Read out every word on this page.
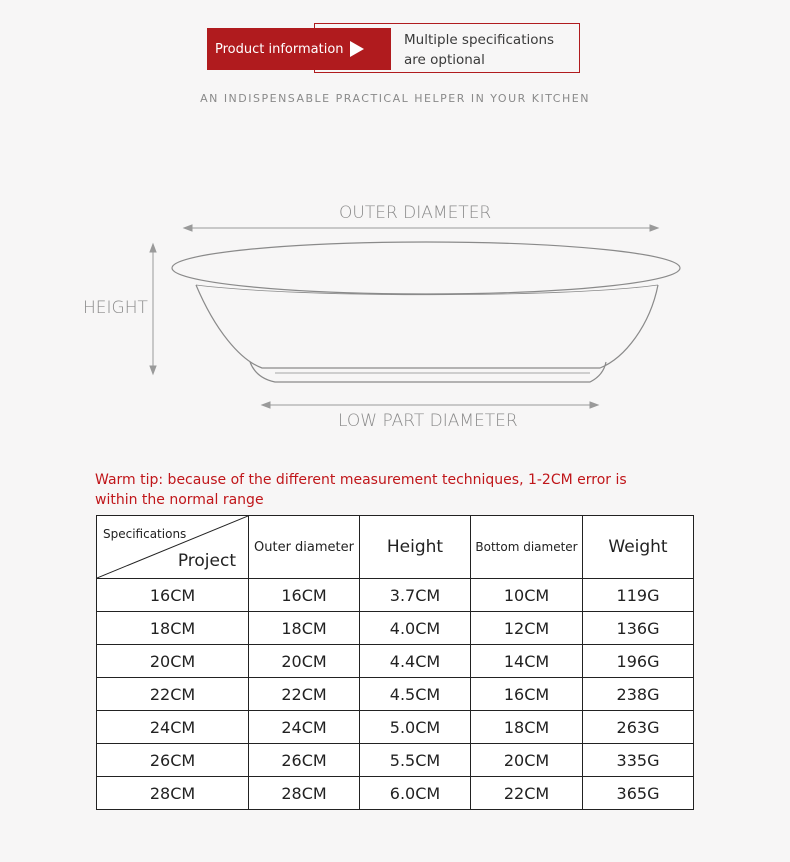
Product information
Multiple specifications are optional
AN INDISPENSABLE PRACTICAL HELPER IN YOUR KITCHEN
OUTER DIAMETER
HEIGHT
LOW PART DIAMETER
Warm tip: because of the different measurement techniques, 1-2CM error is within the normal range
Specifications
Project	Outer diameter	Height	Bottom diameter	Weight
16CM	16CM	3.7CM	10CM	119G
18CM	18CM	4.0CM	12CM	136G
20CM	20CM	4.4CM	14CM	196G
22CM	22CM	4.5CM	16CM	238G
24CM	24CM	5.0CM	18CM	263G
26CM	26CM	5.5CM	20CM	335G
28CM	28CM	6.0CM	22CM	365G
